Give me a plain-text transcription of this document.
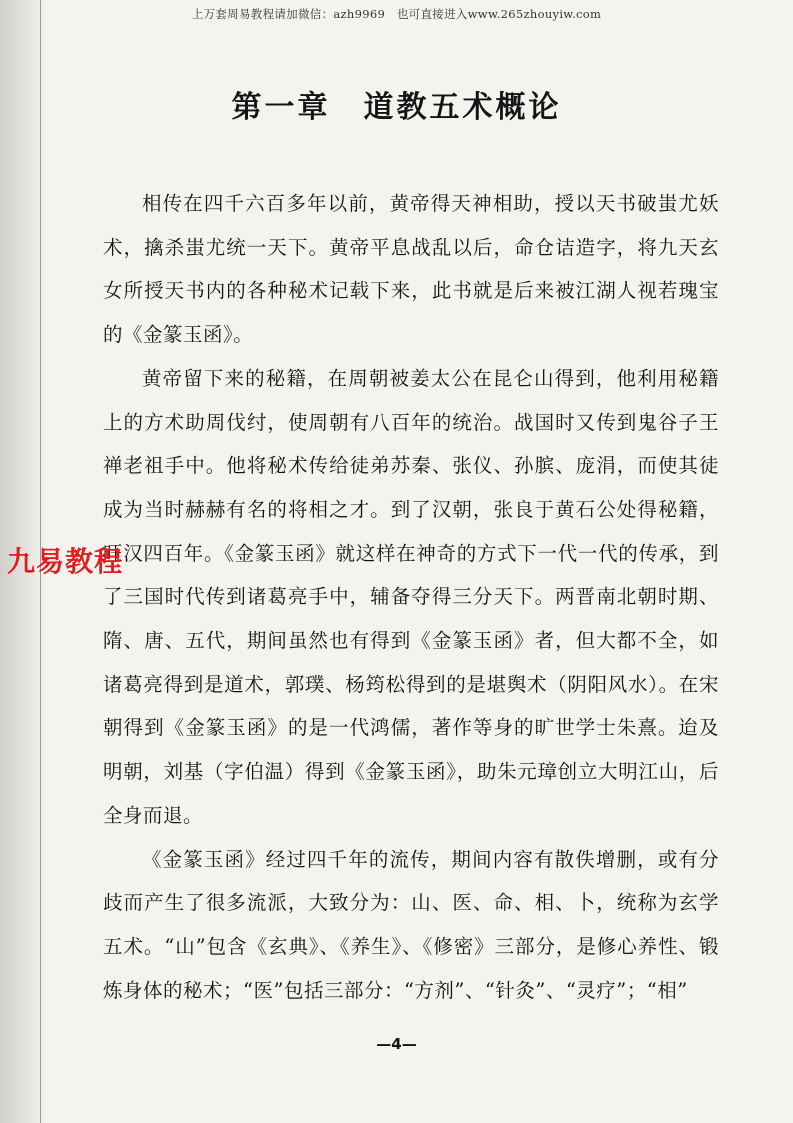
上万套周易教程请加微信：azh9969　也可直接进入www.265zhouyiw.com
第一章　道教五术概论

相传在四千六百多年以前，黄帝得天神相助，授以天书破蚩尤妖术，擒杀蚩尤统一天下。黄帝平息战乱以后，命仓诘造字，将九天玄女所授天书内的各种秘术记载下来，此书就是后来被江湖人视若瑰宝的《金篆玉函》。

黄帝留下来的秘籍，在周朝被姜太公在昆仑山得到，他利用秘籍上的方术助周伐纣，使周朝有八百年的统治。战国时又传到鬼谷子王禅老祖手中。他将秘术传给徒弟苏秦、张仪、孙膑、庞涓，而使其徒成为当时赫赫有名的将相之才。到了汉朝，张良于黄石公处得秘籍，旺汉四百年。《金篆玉函》就这样在神奇的方式下一代一代的传承，到了三国时代传到诸葛亮手中，辅备夺得三分天下。两晋南北朝时期、隋、唐、五代，期间虽然也有得到《金篆玉函》者，但大都不全，如诸葛亮得到是道术，郭璞、杨筠松得到的是堪舆术（阴阳风水）。在宋朝得到《金篆玉函》的是一代鸿儒，著作等身的旷世学士朱熹。迨及明朝，刘基（字伯温）得到《金篆玉函》，助朱元璋创立大明江山，后全身而退。

《金篆玉函》经过四千年的流传，期间内容有散佚增删，或有分歧而产生了很多流派，大致分为：山、医、命、相、卜，统称为玄学五术。“山”包含《玄典》、《养生》、《修密》三部分，是修心养性、锻炼身体的秘术；“医”包括三部分：“方剂”、“针灸”、“灵疗”；“相”

九易教程
—4—
